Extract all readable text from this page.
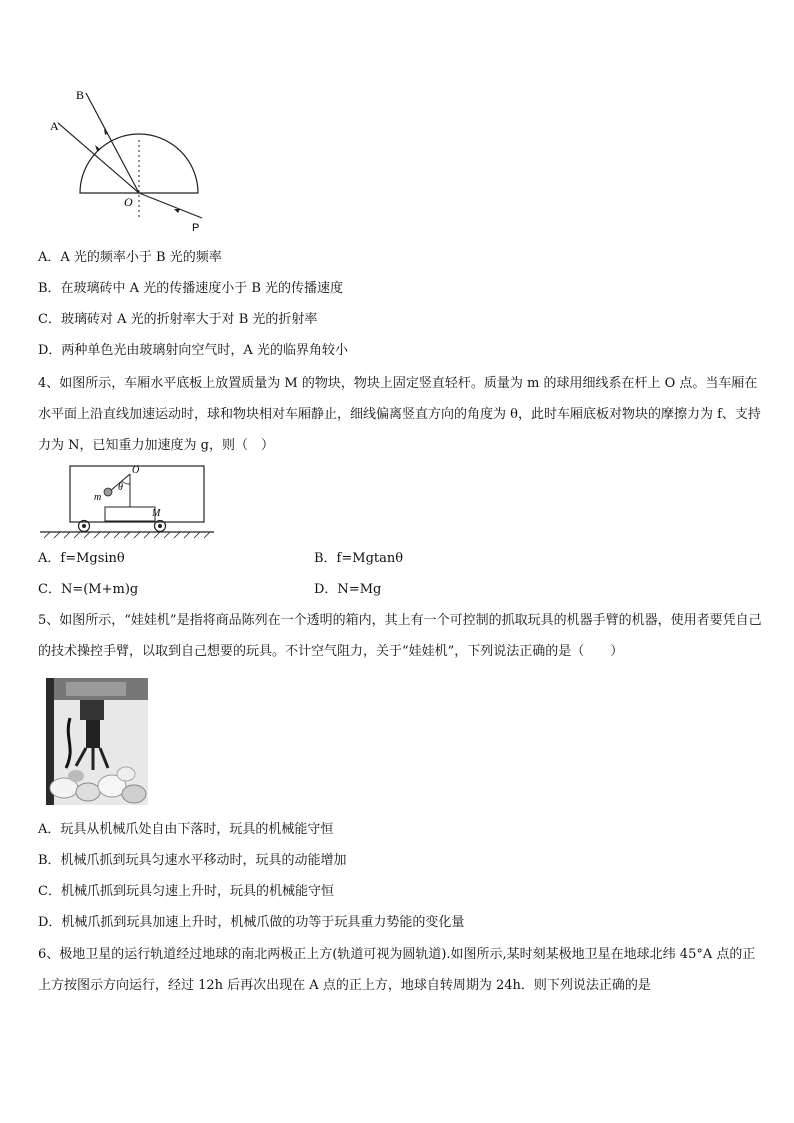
A
B
O
P
A．A 光的频率小于 B 光的频率
B．在玻璃砖中 A 光的传播速度小于 B 光的传播速度
C．玻璃砖对 A 光的折射率大于对 B 光的折射率
D．两种单色光由玻璃射向空气时，A 光的临界角较小
4、如图所示，车厢水平底板上放置质量为 M 的物块，物块上固定竖直轻杆。质量为 m 的球用细线系在杆上 O 点。当车厢在水平面上沿直线加速运动时，球和物块相对车厢静止，细线偏离竖直方向的角度为 θ，此时车厢底板对物块的摩擦力为 f、支持力为 N，已知重力加速度为 g，则（　）
O
θ
m
M
A．f=Mgsinθ	B．f=Mgtanθ
C．N=(M+m)g	D．N=Mg
5、如图所示，“娃娃机”是指将商品陈列在一个透明的箱内，其上有一个可控制的抓取玩具的机器手臂的机器，使用者要凭自己的技术操控手臂，以取到自己想要的玩具。不计空气阻力，关于“娃娃机”，下列说法正确的是（　　）
A．玩具从机械爪处自由下落时，玩具的机械能守恒
B．机械爪抓到玩具匀速水平移动时，玩具的动能增加
C．机械爪抓到玩具匀速上升时，玩具的机械能守恒
D．机械爪抓到玩具加速上升时，机械爪做的功等于玩具重力势能的变化量
6、极地卫星的运行轨道经过地球的南北两极正上方(轨道可视为圆轨道).如图所示,某时刻某极地卫星在地球北纬 45°A 点的正上方按图示方向运行，经过 12h 后再次出现在 A 点的正上方，地球自转周期为 24h．则下列说法正确的是
